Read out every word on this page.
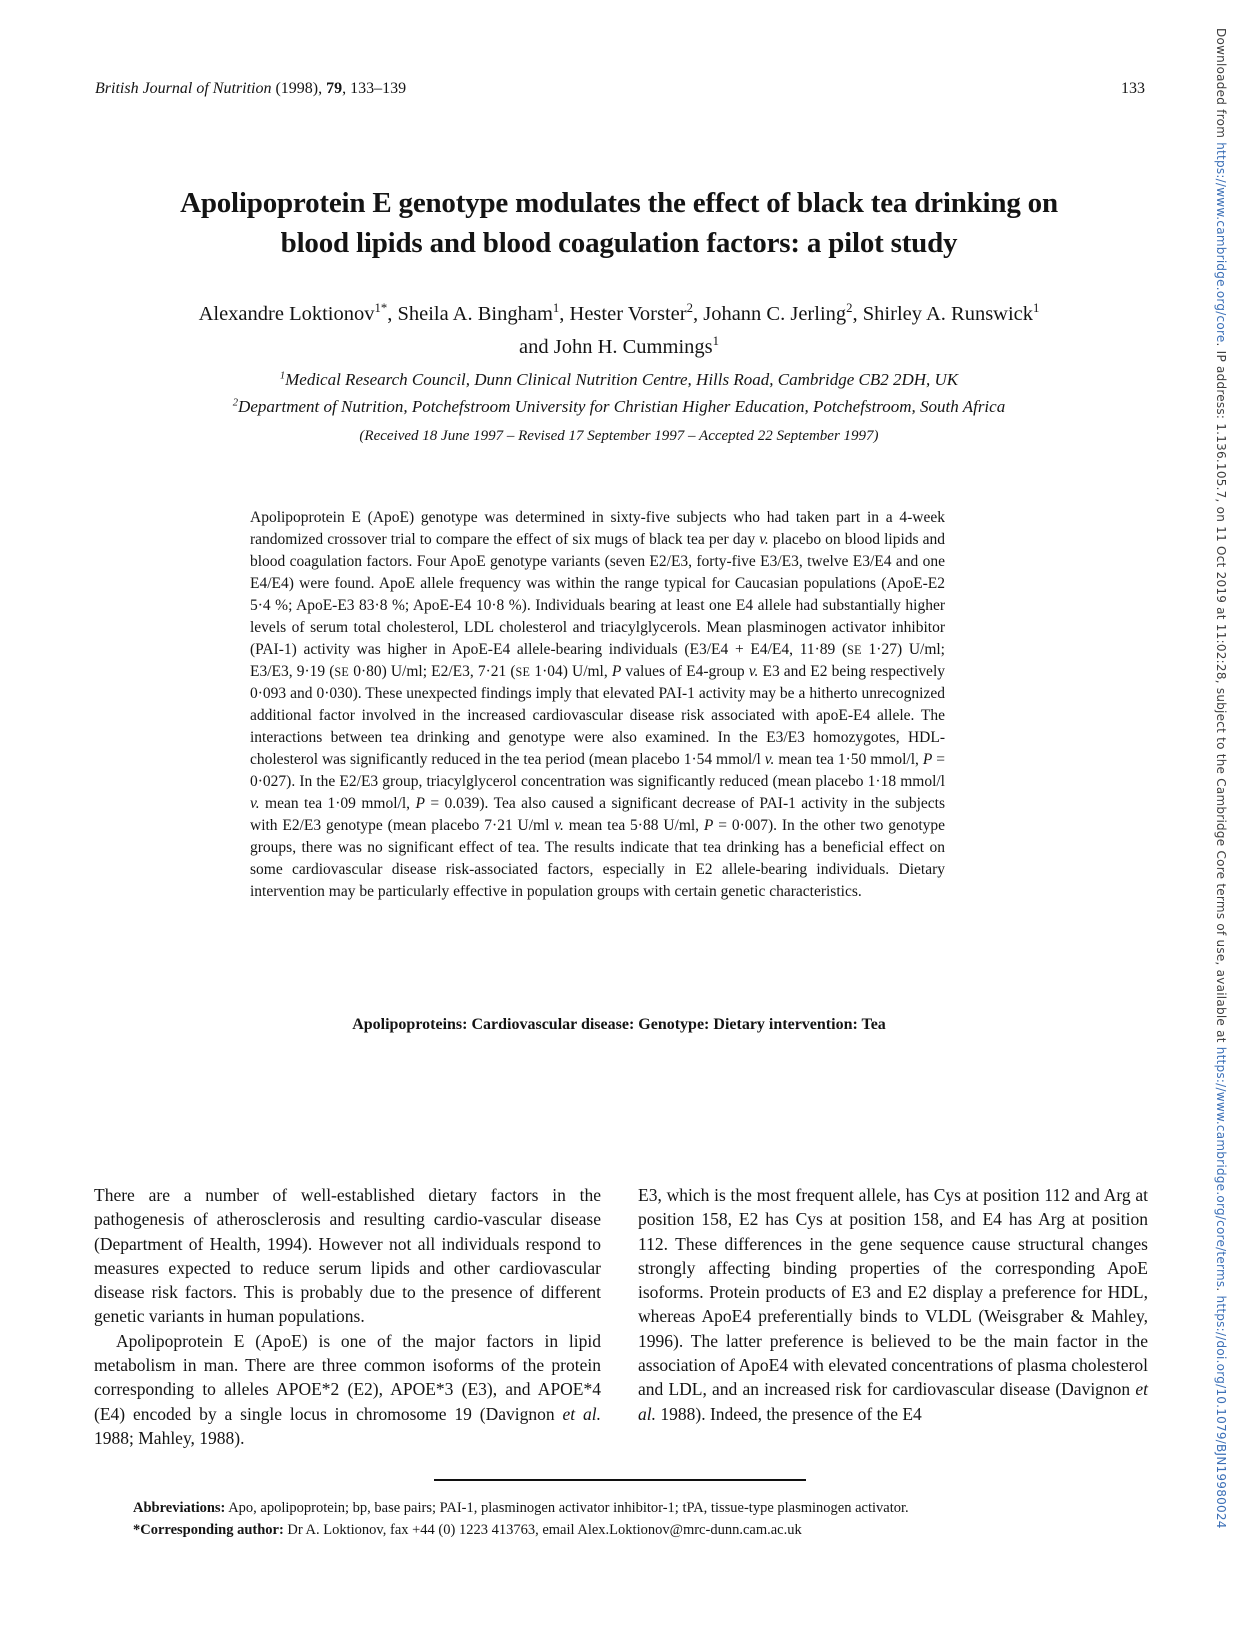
British Journal of Nutrition (1998), 79, 133–139	133
Apolipoprotein E genotype modulates the effect of black tea drinking on
blood lipids and blood coagulation factors: a pilot study
Alexandre Loktionov$^{1*}$, Sheila A. Bingham$^1$, Hester Vorster$^2$, Johann C. Jerling$^2$, Shirley A. Runswick$^1$
and John H. Cummings$^1$
$^1$Medical Research Council, Dunn Clinical Nutrition Centre, Hills Road, Cambridge CB2 2DH, UK
$^2$Department of Nutrition, Potchefstroom University for Christian Higher Education, Potchefstroom, South Africa
(Received 18 June 1997 – Revised 17 September 1997 – Accepted 22 September 1997)
Apolipoprotein E (ApoE) genotype was determined in sixty-five subjects who had taken part in a 4-week randomized crossover trial to compare the effect of six mugs of black tea per day v. placebo on blood lipids and blood coagulation factors. Four ApoE genotype variants (seven E2/E3, forty-five E3/E3, twelve E3/E4 and one E4/E4) were found. ApoE allele frequency was within the range typical for Caucasian populations (ApoE-E2 5·4 %; ApoE-E3 83·8 %; ApoE-E4 10·8 %). Individuals bearing at least one E4 allele had substantially higher levels of serum total cholesterol, LDL cholesterol and triacylglycerols. Mean plasminogen activator inhibitor (PAI-1) activity was higher in ApoE-E4 allele-bearing individuals (E3/E4 + E4/E4, 11·89 (SE 1·27) U/ml; E3/E3, 9·19 (SE 0·80) U/ml; E2/E3, 7·21 (SE 1·04) U/ml, P values of E4-group v. E3 and E2 being respectively 0·093 and 0·030). These unexpected findings imply that elevated PAI-1 activity may be a hitherto unrecognized additional factor involved in the increased cardiovascular disease risk associated with apoE-E4 allele. The interactions between tea drinking and genotype were also examined. In the E3/E3 homozygotes, HDL-cholesterol was significantly reduced in the tea period (mean placebo 1·54 mmol/l v. mean tea 1·50 mmol/l, P = 0·027). In the E2/E3 group, triacylglycerol concentration was significantly reduced (mean placebo 1·18 mmol/l v. mean tea 1·09 mmol/l, P = 0.039). Tea also caused a significant decrease of PAI-1 activity in the subjects with E2/E3 genotype (mean placebo 7·21 U/ml v. mean tea 5·88 U/ml, P = 0·007). In the other two genotype groups, there was no significant effect of tea. The results indicate that tea drinking has a beneficial effect on some cardiovascular disease risk-associated factors, especially in E2 allele-bearing individuals. Dietary intervention may be particularly effective in population groups with certain genetic characteristics.
Apolipoproteins: Cardiovascular disease: Genotype: Dietary intervention: Tea

There are a number of well-established dietary factors in the pathogenesis of atherosclerosis and resulting cardio-vascular disease (Department of Health, 1994). However not all individuals respond to measures expected to reduce serum lipids and other cardiovascular disease risk factors. This is probably due to the presence of different genetic variants in human populations.

Apolipoprotein E (ApoE) is one of the major factors in lipid metabolism in man. There are three common isoforms of the protein corresponding to alleles APOE*2 (E2), APOE*3 (E3), and APOE*4 (E4) encoded by a single locus in chromosome 19 (Davignon et al. 1988; Mahley, 1988).

E3, which is the most frequent allele, has Cys at position 112 and Arg at position 158, E2 has Cys at position 158, and E4 has Arg at position 112. These differences in the gene sequence cause structural changes strongly affecting binding properties of the corresponding ApoE isoforms. Protein products of E3 and E2 display a preference for HDL, whereas ApoE4 preferentially binds to VLDL (Weisgraber & Mahley, 1996). The latter preference is believed to be the main factor in the association of ApoE4 with elevated concentrations of plasma cholesterol and LDL, and an increased risk for cardiovascular disease (Davignon et al. 1988). Indeed, the presence of the E4

Abbreviations: Apo, apolipoprotein; bp, base pairs; PAI-1, plasminogen activator inhibitor-1; tPA, tissue-type plasminogen activator.
*Corresponding author: Dr A. Loktionov, fax +44 (0) 1223 413763, email Alex.Loktionov@mrc-dunn.cam.ac.uk
Downloaded from https://www.cambridge.org/core. IP address: 1.136.105.7, on 11 Oct 2019 at 11:02:28, subject to the Cambridge Core terms of use, available at https://www.cambridge.org/core/terms. https://doi.org/10.1079/BJN19980024
